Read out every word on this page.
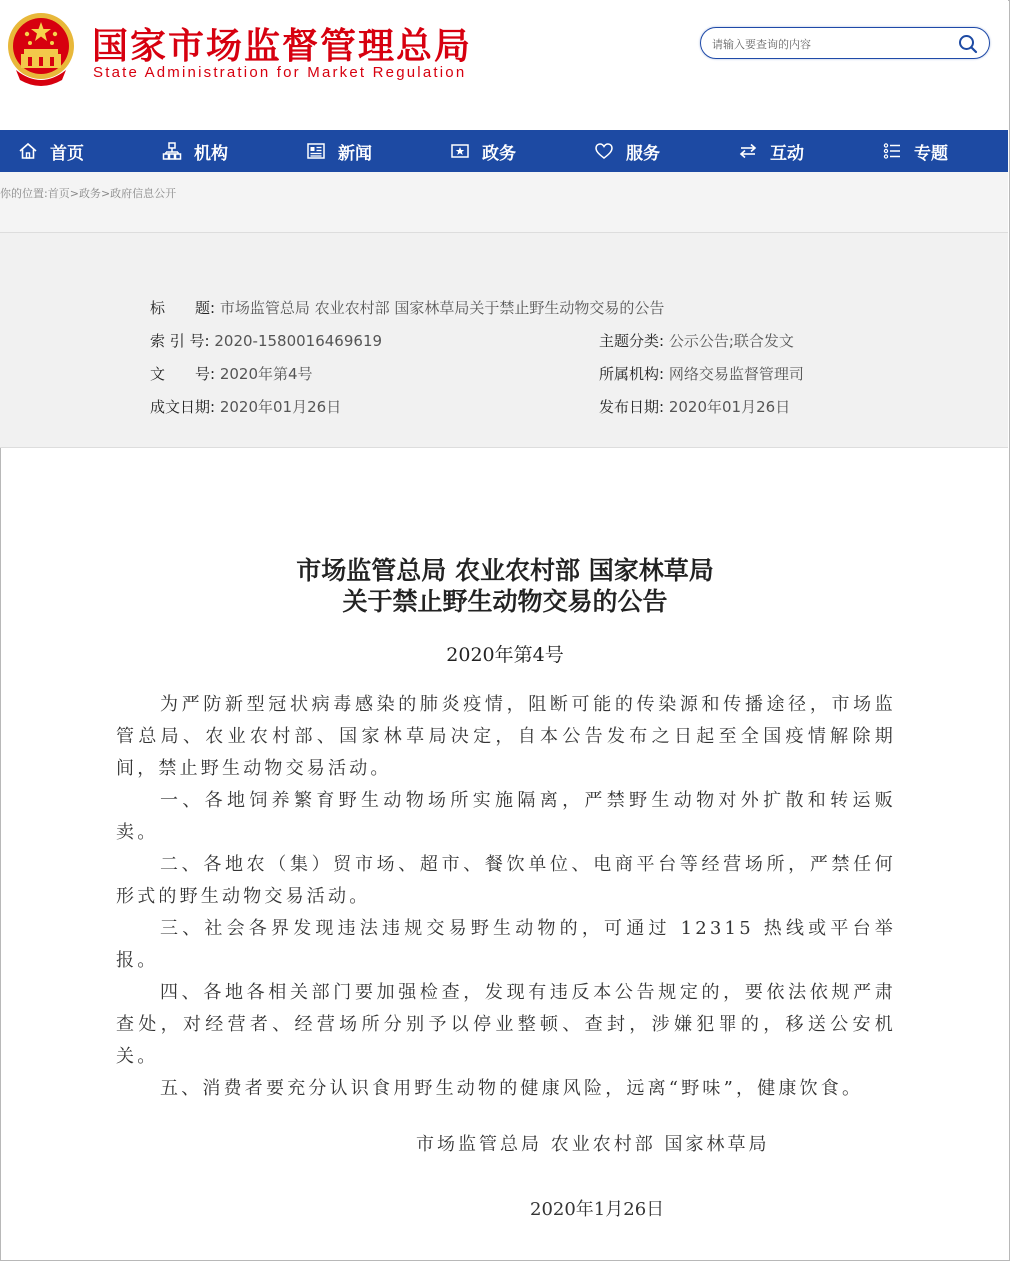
国家市场监督管理总局
State Administration for Market Regulation
请输入要查询的内容
首页	机构	新闻	政务	服务	互动	专题
你的位置:首页>政务>政府信息公开
标　　题: 市场监管总局 农业农村部 国家林草局关于禁止野生动物交易的公告
索 引 号: 2020-1580016469619	主题分类: 公示公告;联合发文
文　　号: 2020年第4号	所属机构: 网络交易监督管理司
成文日期: 2020年01月26日	发布日期: 2020年01月26日
市场监管总局 农业农村部 国家林草局
关于禁止野生动物交易的公告
2020年第4号

为严防新型冠状病毒感染的肺炎疫情，阻断可能的传染源和传播途径，市场监管总局、农业农村部、国家林草局决定，自本公告发布之日起至全国疫情解除期间，禁止野生动物交易活动。

一、各地饲养繁育野生动物场所实施隔离，严禁野生动物对外扩散和转运贩卖。

二、各地农（集）贸市场、超市、餐饮单位、电商平台等经营场所，严禁任何形式的野生动物交易活动。

三、社会各界发现违法违规交易野生动物的，可通过 12315 热线或平台举报。

四、各地各相关部门要加强检查，发现有违反本公告规定的，要依法依规严肃查处，对经营者、经营场所分别予以停业整顿、查封，涉嫌犯罪的，移送公安机关。

五、消费者要充分认识食用野生动物的健康风险，远离“野味”，健康饮食。

市场监管总局 农业农村部 国家林草局
2020年1月26日
